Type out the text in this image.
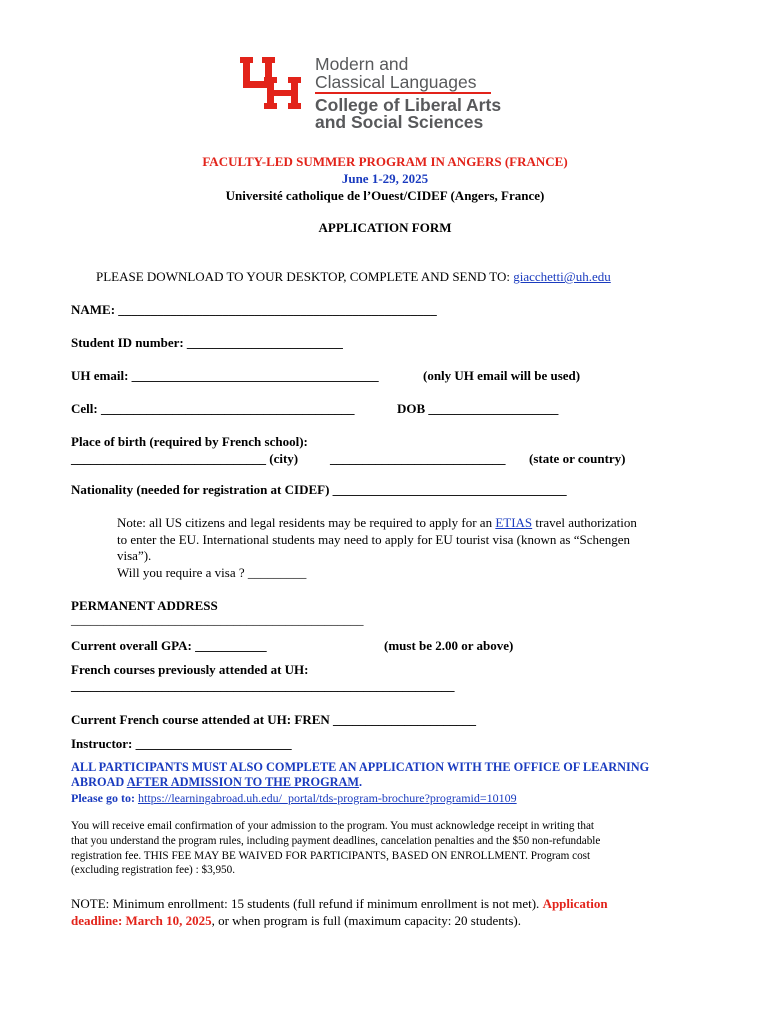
Modern and
Classical Languages
College of Liberal Arts
and Social Sciences
FACULTY-LED SUMMER PROGRAM IN ANGERS (FRANCE)
June 1-29, 2025
Université catholique de l’Ouest/CIDEF (Angers, France)
APPLICATION FORM
PLEASE DOWNLOAD TO YOUR DESKTOP, COMPLETE AND SEND TO: giacchetti@uh.edu
NAME: _________________________________________________
Student ID number: ________________________
UH email: ______________________________________	(only UH email will be used)
Cell: _______________________________________	DOB ____________________
Place of birth (required by French school):
______________________________ (city) ___________________________ (state or country)
Nationality (needed for registration at CIDEF) ____________________________________
Note: all US citizens and legal residents may be required to apply for an ETIAS travel authorization
to enter the EU. International students may need to apply for EU tourist visa (known as “Schengen
visa”).
Will you require a visa ? _________
PERMANENT ADDRESS
_____________________________________________
Current overall GPA: ___________	(must be 2.00 or above)
French courses previously attended at UH:
___________________________________________________________
Current French course attended at UH: FREN ______________________
Instructor: ________________________
ALL PARTICIPANTS MUST ALSO COMPLETE AN APPLICATION WITH THE OFFICE OF LEARNING
ABROAD AFTER ADMISSION TO THE PROGRAM.
Please go to: https://learningabroad.uh.edu/_portal/tds-program-brochure?programid=10109
You will receive email confirmation of your admission to the program. You must acknowledge receipt in writing that
that you understand the program rules, including payment deadlines, cancelation penalties and the $50 non-refundable
registration fee. THIS FEE MAY BE WAIVED FOR PARTICIPANTS, BASED ON ENROLLMENT. Program cost
(excluding registration fee) : $3,950.
NOTE: Minimum enrollment: 15 students (full refund if minimum enrollment is not met). Application
deadline: March 10, 2025, or when program is full (maximum capacity: 20 students).
